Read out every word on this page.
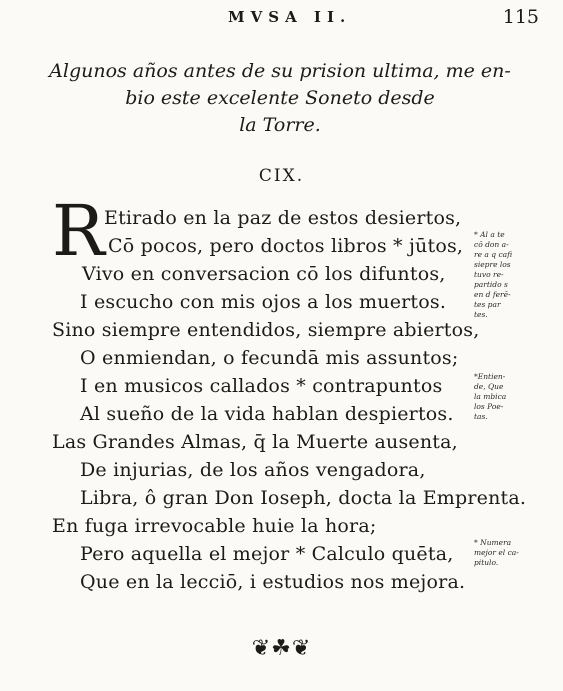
MVSA II.	115
Algunos años antes de su prision ultima, me en-
bio este excelente Soneto desde
la Torre.
CIX.
R Etirado en la paz de estos desiertos,
Cō pocos, pero doctos libros * jūtos,
Vivo en conversacion cō los difuntos,
I escucho con mis ojos a los muertos.
Sino siempre entendidos, siempre abiertos,
O enmiendan, o fecundā mis assuntos;
I en musicos callados * contrapuntos
Al sueño de la vida hablan despiertos.
Las Grandes Almas, q̄ la Muerte ausenta,
De injurias, de los años vengadora,
Libra, ô gran Don Ioseph, docta la Emprenta.
En fuga irrevocable huie la hora;
Pero aquella el mejor * Calculo quēta,
Que en la lecciō, i estudios nos mejora.
* Al a te
cō don a-
re a q cafi
siepre los
tuvo re-
partido s
en d ferē-
tes par
tes.
*Entien-
de, Que
la mbica
los Poe-
tas.
* Numera
mejor el ca-
pitulo.
❦☘❦
